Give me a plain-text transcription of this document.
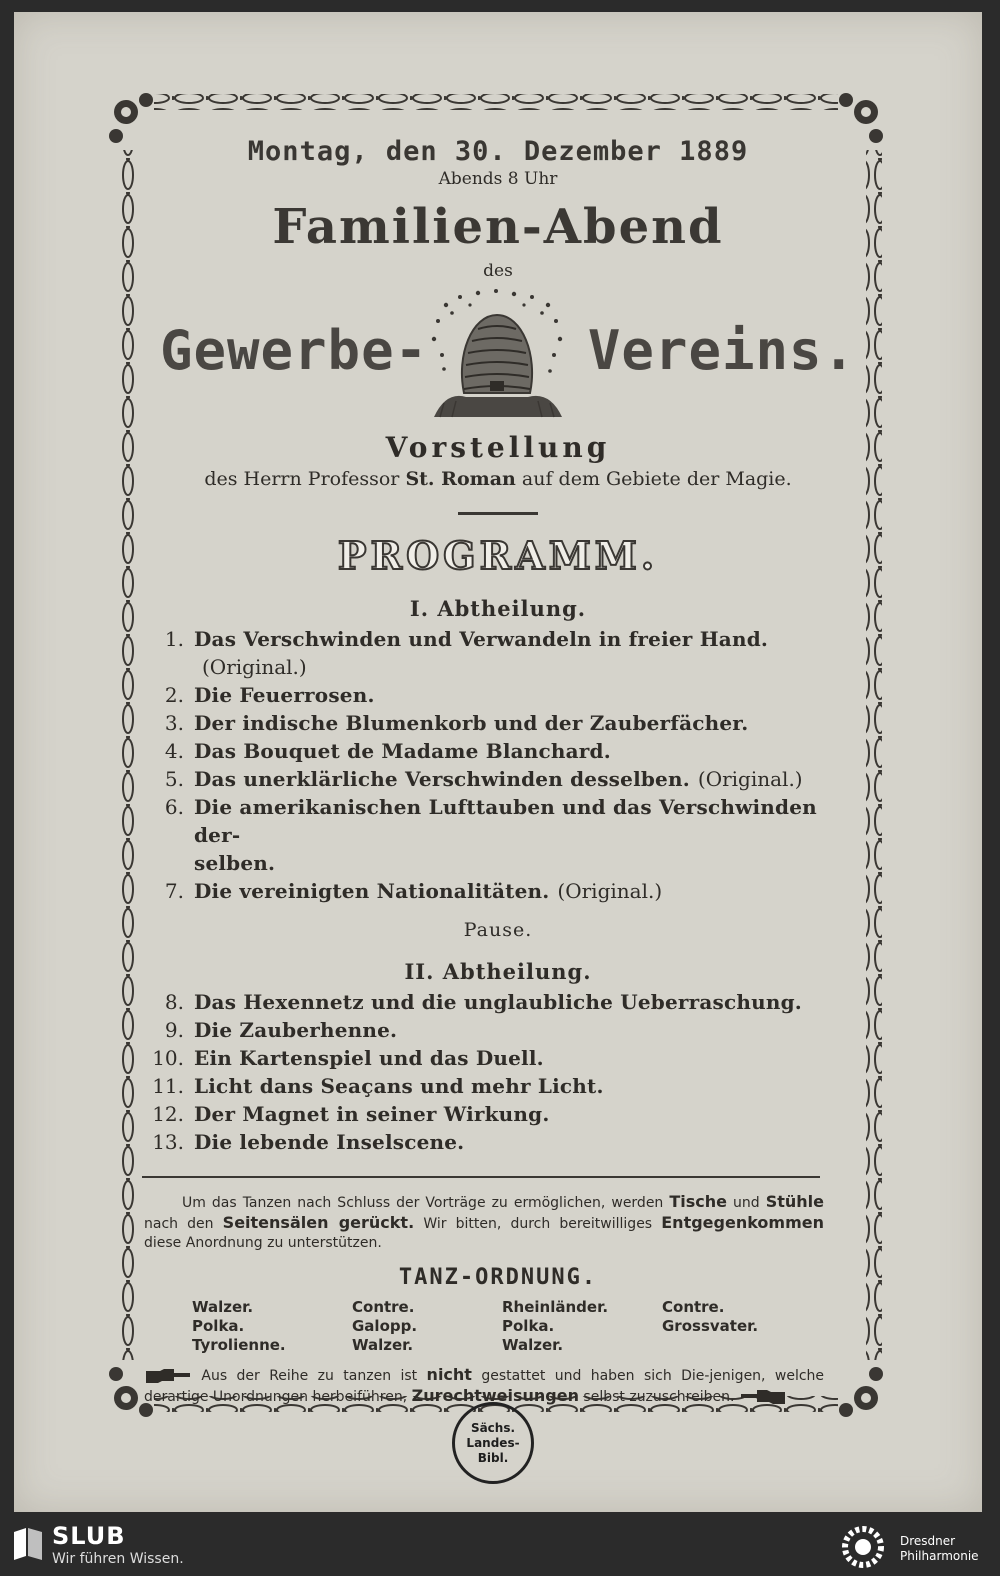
Montag, den 30. Dezember 1889
Abends 8 Uhr
Familien-Abend
des
Gewerbe-	Vereins.
Vorstellung
des Herrn Professor St. Roman auf dem Gebiete der Magie.
PROGRAMM.
I. Abtheilung.
1. Das Verschwinden und Verwandeln in freier Hand.(Original.)
2. Die Feuerrosen.
3. Der indische Blumenkorb und der Zauberfächer.
4. Das Bouquet de Madame Blanchard.
5. Das unerklärliche Verschwinden desselben. (Original.)
6. Die amerikanischen Lufttauben und das Verschwinden der-
selben.
7. Die vereinigten Nationalitäten. (Original.)
Pause.
II. Abtheilung.
8. Das Hexennetz und die unglaubliche Ueberraschung.
9. Die Zauberhenne.
10. Ein Kartenspiel und das Duell.
11. Licht dans Seaçans und mehr Licht.
12. Der Magnet in seiner Wirkung.
13. Die lebende Inselscene.
Um das Tanzen nach Schluss der Vorträge zu ermöglichen, werden Tische und Stühle nach den Seitensälen gerückt. Wir bitten, durch bereitwilliges Entgegenkommen diese Anordnung zu unterstützen.
TANZ-ORDNUNG.
Walzer.	Contre.	Rheinländer.	Contre.
Polka.	Galopp.	Polka.	Grossvater.
Tyrolienne.	Walzer.	Walzer.
Aus der Reihe zu tanzen ist nicht gestattet und haben sich Die-jenigen, welche derartige Unordnungen herbeiführen, Zurechtweisungen selbst zuzuschreiben.
Sächs.
Landes-
Bibl.
SLUB
Wir führen Wissen.
Dresdner
Philharmonie
